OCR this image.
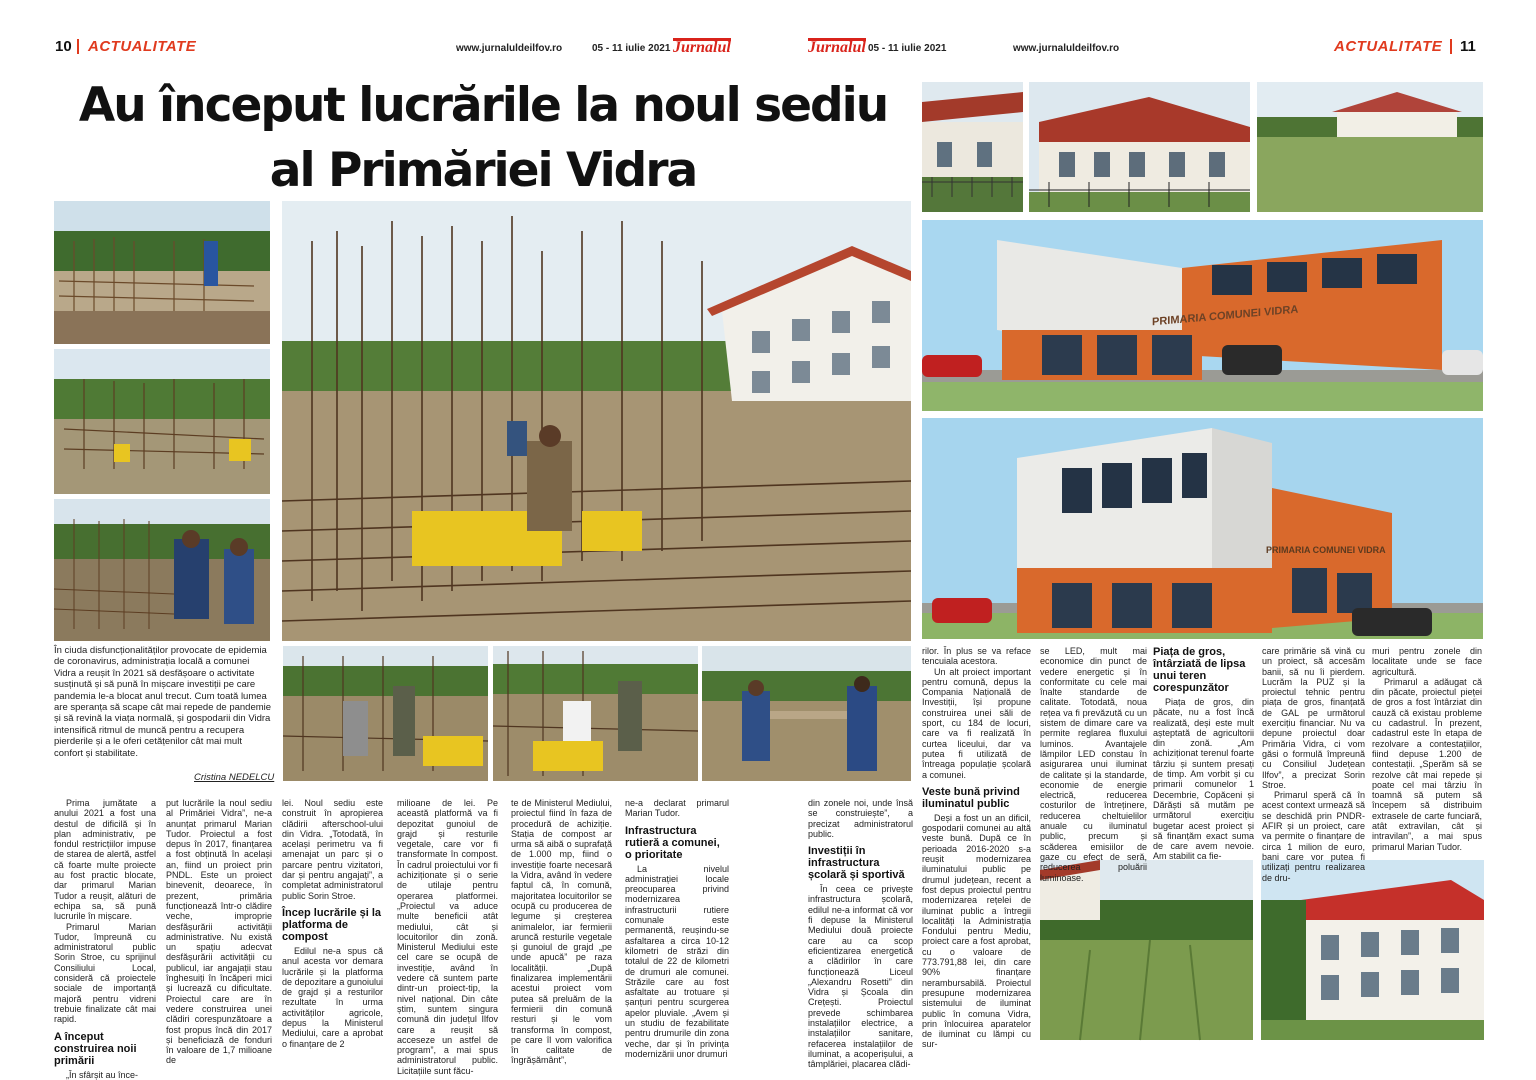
10 ACTUALITATE	www.jurnaluldeilfov.ro	05 - 11 iulie 2021 Jurnalul	Jurnalul 05 - 11 iulie 2021	www.jurnaluldeilfov.ro	ACTUALITATE 11
Au început lucrările la noul sediu
al Primăriei Vidra
În ciuda disfuncționalităților provocate de epidemia de coronavirus, administrația locală a comunei Vidra a reușit în 2021 să desfășoare o activitate susținută și să pună în mișcare investiții pe care pandemia le-a blocat anul trecut. Cum toată lumea are speranța să scape cât mai repede de pandemie și să revină la viața normală, și gospodarii din Vidra intensifică ritmul de muncă pentru a recupera pierderile și a le oferi cetățenilor cât mai mult confort și stabilitate.
Cristina NEDELCU
PRIMARIA COMUNEI VIDRA
PRIMARIA COMUNEI VIDRA

Prima jumătate a anului 2021 a fost una destul de dificilă și în plan administrativ, pe fondul restricțiilor impuse de starea de alertă, astfel că foarte multe proiecte au fost practic blocate, dar primarul Marian Tudor a reușit, alături de echipa sa, să pună lucrurile în mișcare.

Primarul Marian Tudor, împreună cu administratorul public Sorin Stroe, cu sprijinul Consiliului Local, consideră că proiectele sociale de importanță majoră pentru vidreni trebuie finalizate cât mai rapid.

A început construirea noii primării

„În sfârșit au înce-

put lucrările la noul sediu al Primăriei Vidra”, ne-a anunțat primarul Marian Tudor. Proiectul a fost depus în 2017, finanțarea a fost obținută în același an, fiind un proiect prin PNDL. Este un proiect binevenit, deoarece, în prezent, primăria funcționează într-o clădire veche, improprie desfășurării activității administrative. Nu există un spațiu adecvat desfășurării activității cu publicul, iar angajații stau înghesuiți în încăperi mici și lucrează cu dificultate. Proiectul care are în vedere construirea unei clădiri corespunzătoare a fost propus încă din 2017 și beneficiază de fonduri în valoare de 1,7 milioane de

lei. Noul sediu este construit în apropierea clădirii afterschool-ului din Vidra. „Totodată, în același perimetru va fi amenajat un parc și o parcare pentru vizitatori, dar și pentru angajați”, a completat administratorul public Sorin Stroe.

Încep lucrările și la platforma de compost

Edilul ne-a spus că anul acesta vor demara lucrările și la platforma de depozitare a gunoiului de grajd și a resturilor rezultate în urma activităților agricole, depus la Ministerul Mediului, care a aprobat o finanțare de 2

milioane de lei. Pe această platformă va fi depozitat gunoiul de grajd și resturile vegetale, care vor fi transformate în compost. În cadrul proiectului vor fi achiziționate și o serie de utilaje pentru operarea platformei. „Proiectul va aduce multe beneficii atât mediului, cât și locuitorilor din zonă. Ministerul Mediului este cel care se ocupă de investiție, având în vedere că suntem parte dintr-un proiect-tip, la nivel național. Din câte știm, suntem singura comună din județul Ilfov care a reușit să acceseze un astfel de program”, a mai spus administratorul public. Licitațiile sunt făcu-

te de Ministerul Mediului, proiectul fiind în faza de procedură de achiziție. Stația de compost ar urma să aibă o suprafață de 1.000 mp, fiind o investiție foarte necesară la Vidra, având în vedere faptul că, în comună, majoritatea locuitorilor se ocupă cu producerea de legume și creșterea animalelor, iar fermierii aruncă resturile vegetale și gunoiul de grajd „pe unde apucă” pe raza localității. „După finalizarea implementării acestui proiect vom putea să preluăm de la fermierii din comună resturi și le vom transforma în compost, pe care îl vom valorifica în calitate de îngrășământ”,

ne-a declarat primarul Marian Tudor.

Infrastructura rutieră a comunei, o prioritate

La nivelul administrației locale preocuparea privind modernizarea infrastructurii rutiere comunale este permanentă, reușindu-se asfaltarea a circa 10-12 kilometri de străzi din totalul de 22 de kilometri de drumuri ale comunei. Străzile care au fost asfaltate au trotuare și șanțuri pentru scurgerea apelor pluviale. „Avem și un studiu de fezabilitate pentru drumurile din zona veche, dar și în privința modernizării unor drumuri

din zonele noi, unde însă se construiește”, a precizat administratorul public.

Investiții în infrastructura școlară și sportivă

În ceea ce privește infrastructura școlară, edilul ne-a informat că vor fi depuse la Ministerul Mediului două proiecte care au ca scop eficientizarea energetică a clădirilor în care funcționează Liceul „Alexandru Rosetti” din Vidra și Școala din Crețești. Proiectul prevede schimbarea instalațiilor electrice, a instalațiilor sanitare, refacerea instalațiilor de iluminat, a acoperișului, a tâmplăriei, placarea clădi-

rilor. În plus se va reface tencuiala acestora.

Un alt proiect important pentru comună, depus la Compania Națională de Investiții, își propune construirea unei săli de sport, cu 184 de locuri, care va fi realizată în curtea liceului, dar va putea fi utilizată de întreaga populație școlară a comunei.

Veste bună privind iluminatul public

Deși a fost un an dificil, gospodarii comunei au altă veste bună. După ce în perioada 2016-2020 s-a reușit modernizarea iluminatului public pe drumul județean, recent a fost depus proiectul pentru modernizarea rețelei de iluminat public a întregii localități la Administrația Fondului pentru Mediu, proiect care a fost aprobat, cu o valoare de 773.791,88 lei, din care 90% finanțare nerambursabilă. Proiectul presupune modernizarea sistemului de iluminat public în comuna Vidra, prin înlocuirea aparatelor de iluminat cu lămpi cu sur-

se LED, mult mai economice din punct de vedere energetic și în conformitate cu cele mai înalte standarde de calitate. Totodată, noua rețea va fi prevăzută cu un sistem de dimare care va permite reglarea fluxului luminos. Avantajele lămpilor LED constau în asigurarea unui iluminat de calitate și la standarde, economie de energie electrică, reducerea costurilor de întreținere, reducerea cheltuielilor anuale cu iluminatul public, precum și scăderea emisiilor de gaze cu efect de seră, reducerea poluării luminoase.

Piața de gros, întârziată de lipsa unui teren corespunzător

Piața de gros, din păcate, nu a fost încă realizată, deși este mult așteptată de agricultorii din zonă. „Am achiziționat terenul foarte târziu și suntem presați de timp. Am vorbit și cu primarii comunelor 1 Decembrie, Copăceni și Dărăști să mutăm pe următorul exercițiu bugetar acest proiect și să finanțăm exact suma de care avem nevoie. Am stabilit ca fie-

care primărie să vină cu un proiect, să accesăm banii, să nu îi pierdem. Lucrăm la PUZ și la proiectul tehnic pentru piața de gros, finanțată de GAL pe următorul exercițiu financiar. Nu va depune proiectul doar Primăria Vidra, ci vom găsi o formulă împreună cu Consiliul Județean Ilfov”, a precizat Sorin Stroe.

Primarul speră că în acest context urmează să se deschidă prin PNDR-AFIR și un proiect, care va permite o finanțare de circa 1 milion de euro, bani care vor putea fi utilizați pentru realizarea de dru-

muri pentru zonele din localitate unde se face agricultură.

Primarul a adăugat că din păcate, proiectul pieței de gros a fost întârziat din cauză că existau probleme cu cadastrul. În prezent, cadastrul este în etapa de rezolvare a contestațiilor, fiind depuse 1.200 de contestații. „Sperăm să se rezolve cât mai repede și poate cel mai târziu în toamnă să putem să începem să distribuim extrasele de carte funciară, atât extravilan, cât și intravilan”, a mai spus primarul Marian Tudor.
